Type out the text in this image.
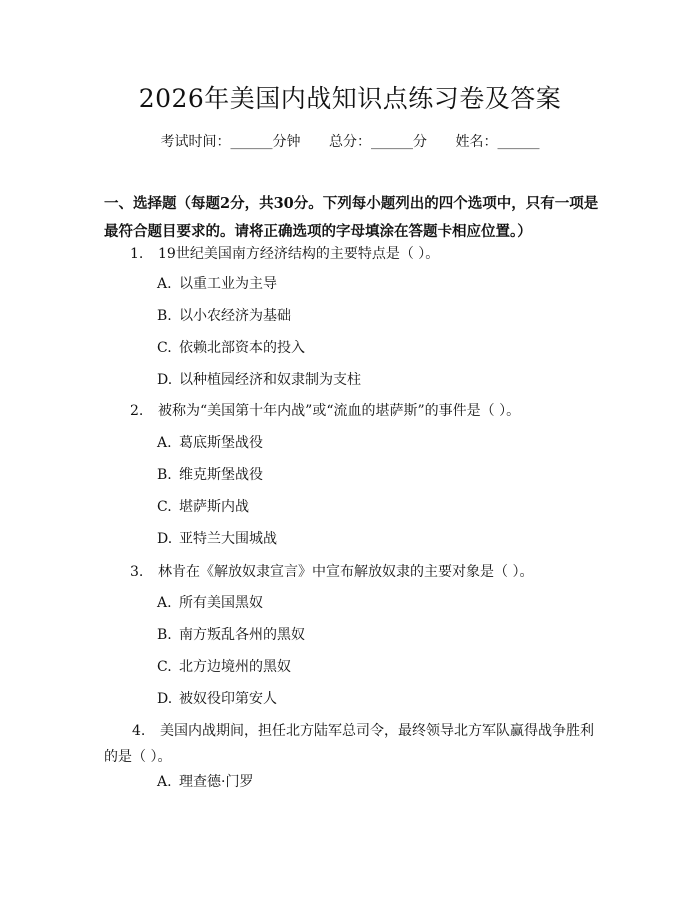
2026年美国内战知识点练习卷及答案
考试时间：______分钟 总分：______分 姓名：______
一、选择题（每题2分，共30分。下列每小题列出的四个选项中，只有一项是最符合题目要求的。请将正确选项的字母填涂在答题卡相应位置。）
1. 19世纪美国南方经济结构的主要特点是（ ）。
A. 以重工业为主导
B. 以小农经济为基础
C. 依赖北部资本的投入
D. 以种植园经济和奴隶制为支柱
2. 被称为“美国第十年内战”或“流血的堪萨斯”的事件是（ ）。
A. 葛底斯堡战役
B. 维克斯堡战役
C. 堪萨斯内战
D. 亚特兰大围城战
3. 林肯在《解放奴隶宣言》中宣布解放奴隶的主要对象是（ ）。
A. 所有美国黑奴
B. 南方叛乱各州的黑奴
C. 北方边境州的黑奴
D. 被奴役印第安人
4. 美国内战期间，担任北方陆军总司令，最终领导北方军队赢得战争胜利的是（ ）。
A. 理查德·门罗
